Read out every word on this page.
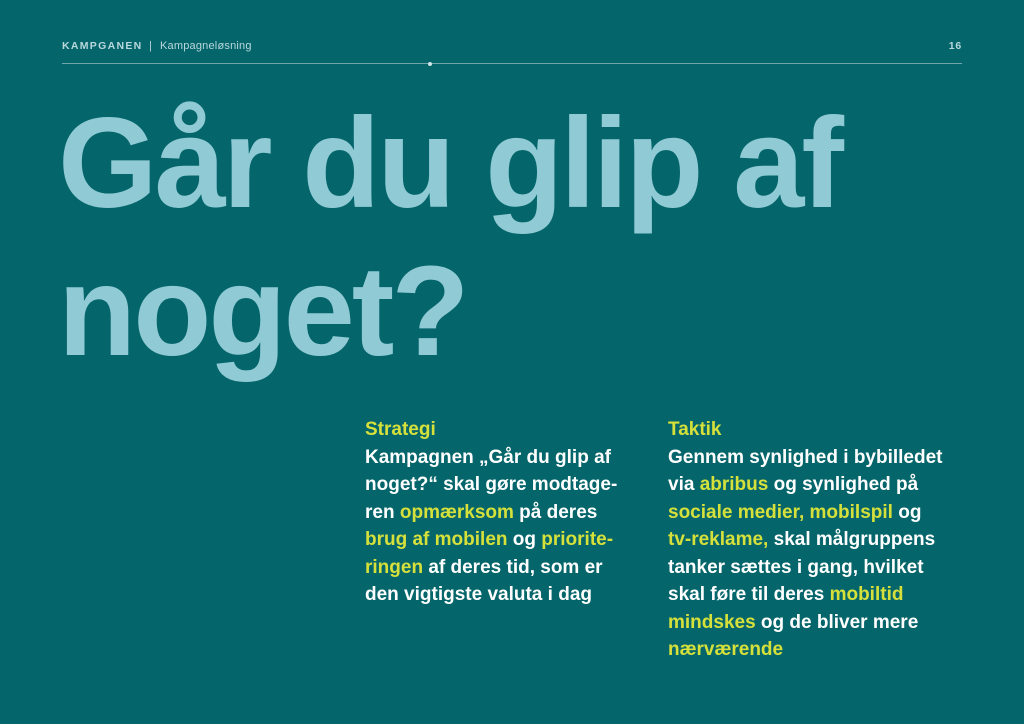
KAMPGANEN | Kampagneløsning	16
Går du glip af
noget?
Strategi

Kampagnen „Går du glip af
noget?“ skal gøre modtage-
ren opmærksom på deres
brug af mobilen og priorite-
ringen af deres tid, som er
den vigtigste valuta i dag

Taktik

Gennem synlighed i bybilledet
via abribus og synlighed på
sociale medier, mobilspil og
tv-reklame, skal målgruppens
tanker sættes i gang, hvilket
skal føre til deres mobiltid
mindskes og de bliver mere
nærværende
